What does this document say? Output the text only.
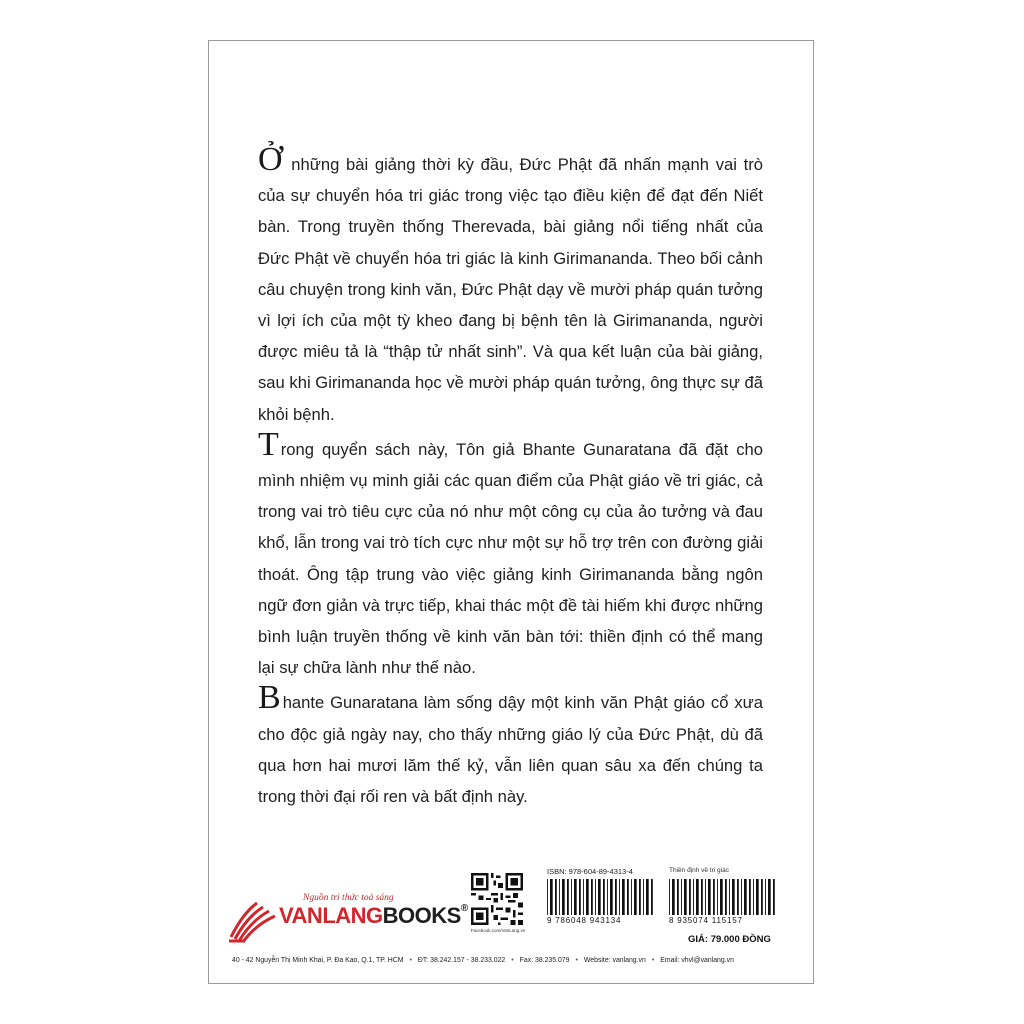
Ở những bài giảng thời kỳ đầu, Đức Phật đã nhấn mạnh vai trò của sự chuyển hóa tri giác trong việc tạo điều kiện để đạt đến Niết bàn. Trong truyền thống Therevada, bài giảng nổi tiếng nhất của Đức Phật về chuyển hóa tri giác là kinh Girimananda. Theo bối cảnh câu chuyện trong kinh văn, Đức Phật dạy về mười pháp quán tưởng vì lợi ích của một tỳ kheo đang bị bệnh tên là Girimananda, người được miêu tả là “thập tử nhất sinh”. Và qua kết luận của bài giảng, sau khi Girimananda học về mười pháp quán tưởng, ông thực sự đã khỏi bệnh.

Trong quyển sách này, Tôn giả Bhante Gunaratana đã đặt cho mình nhiệm vụ minh giải các quan điểm của Phật giáo về tri giác, cả trong vai trò tiêu cực của nó như một công cụ của ảo tưởng và đau khổ, lẫn trong vai trò tích cực như một sự hỗ trợ trên con đường giải thoát. Ông tập trung vào việc giảng kinh Girimananda bằng ngôn ngữ đơn giản và trực tiếp, khai thác một đề tài hiếm khi được những bình luận truyền thống về kinh văn bàn tới: thiền định có thể mang lại sự chữa lành như thế nào.

Bhante Gunaratana làm sống dậy một kinh văn Phật giáo cổ xưa cho độc giả ngày nay, cho thấy những giáo lý của Đức Phật, dù đã qua hơn hai mươi lăm thế kỷ, vẫn liên quan sâu xa đến chúng ta trong thời đại rối ren và bất định này.

Nguồn tri thức toả sáng
VANLANGBOOKS®
Facebook.com/VanLang.vn
ISBN: 978-604-89-4313-4
9 786048 943134
Thiền định về tri giác
8 935074 115157
GIÁ: 79.000 ĐỒNG
40 - 42 Nguyễn Thị Minh Khai, P. Đa Kao, Q.1, TP. HCM • ĐT: 38.242.157 - 38.233.022 • Fax: 38.235.079 • Website: vanlang.vn • Email: vhvl@vanlang.vn
